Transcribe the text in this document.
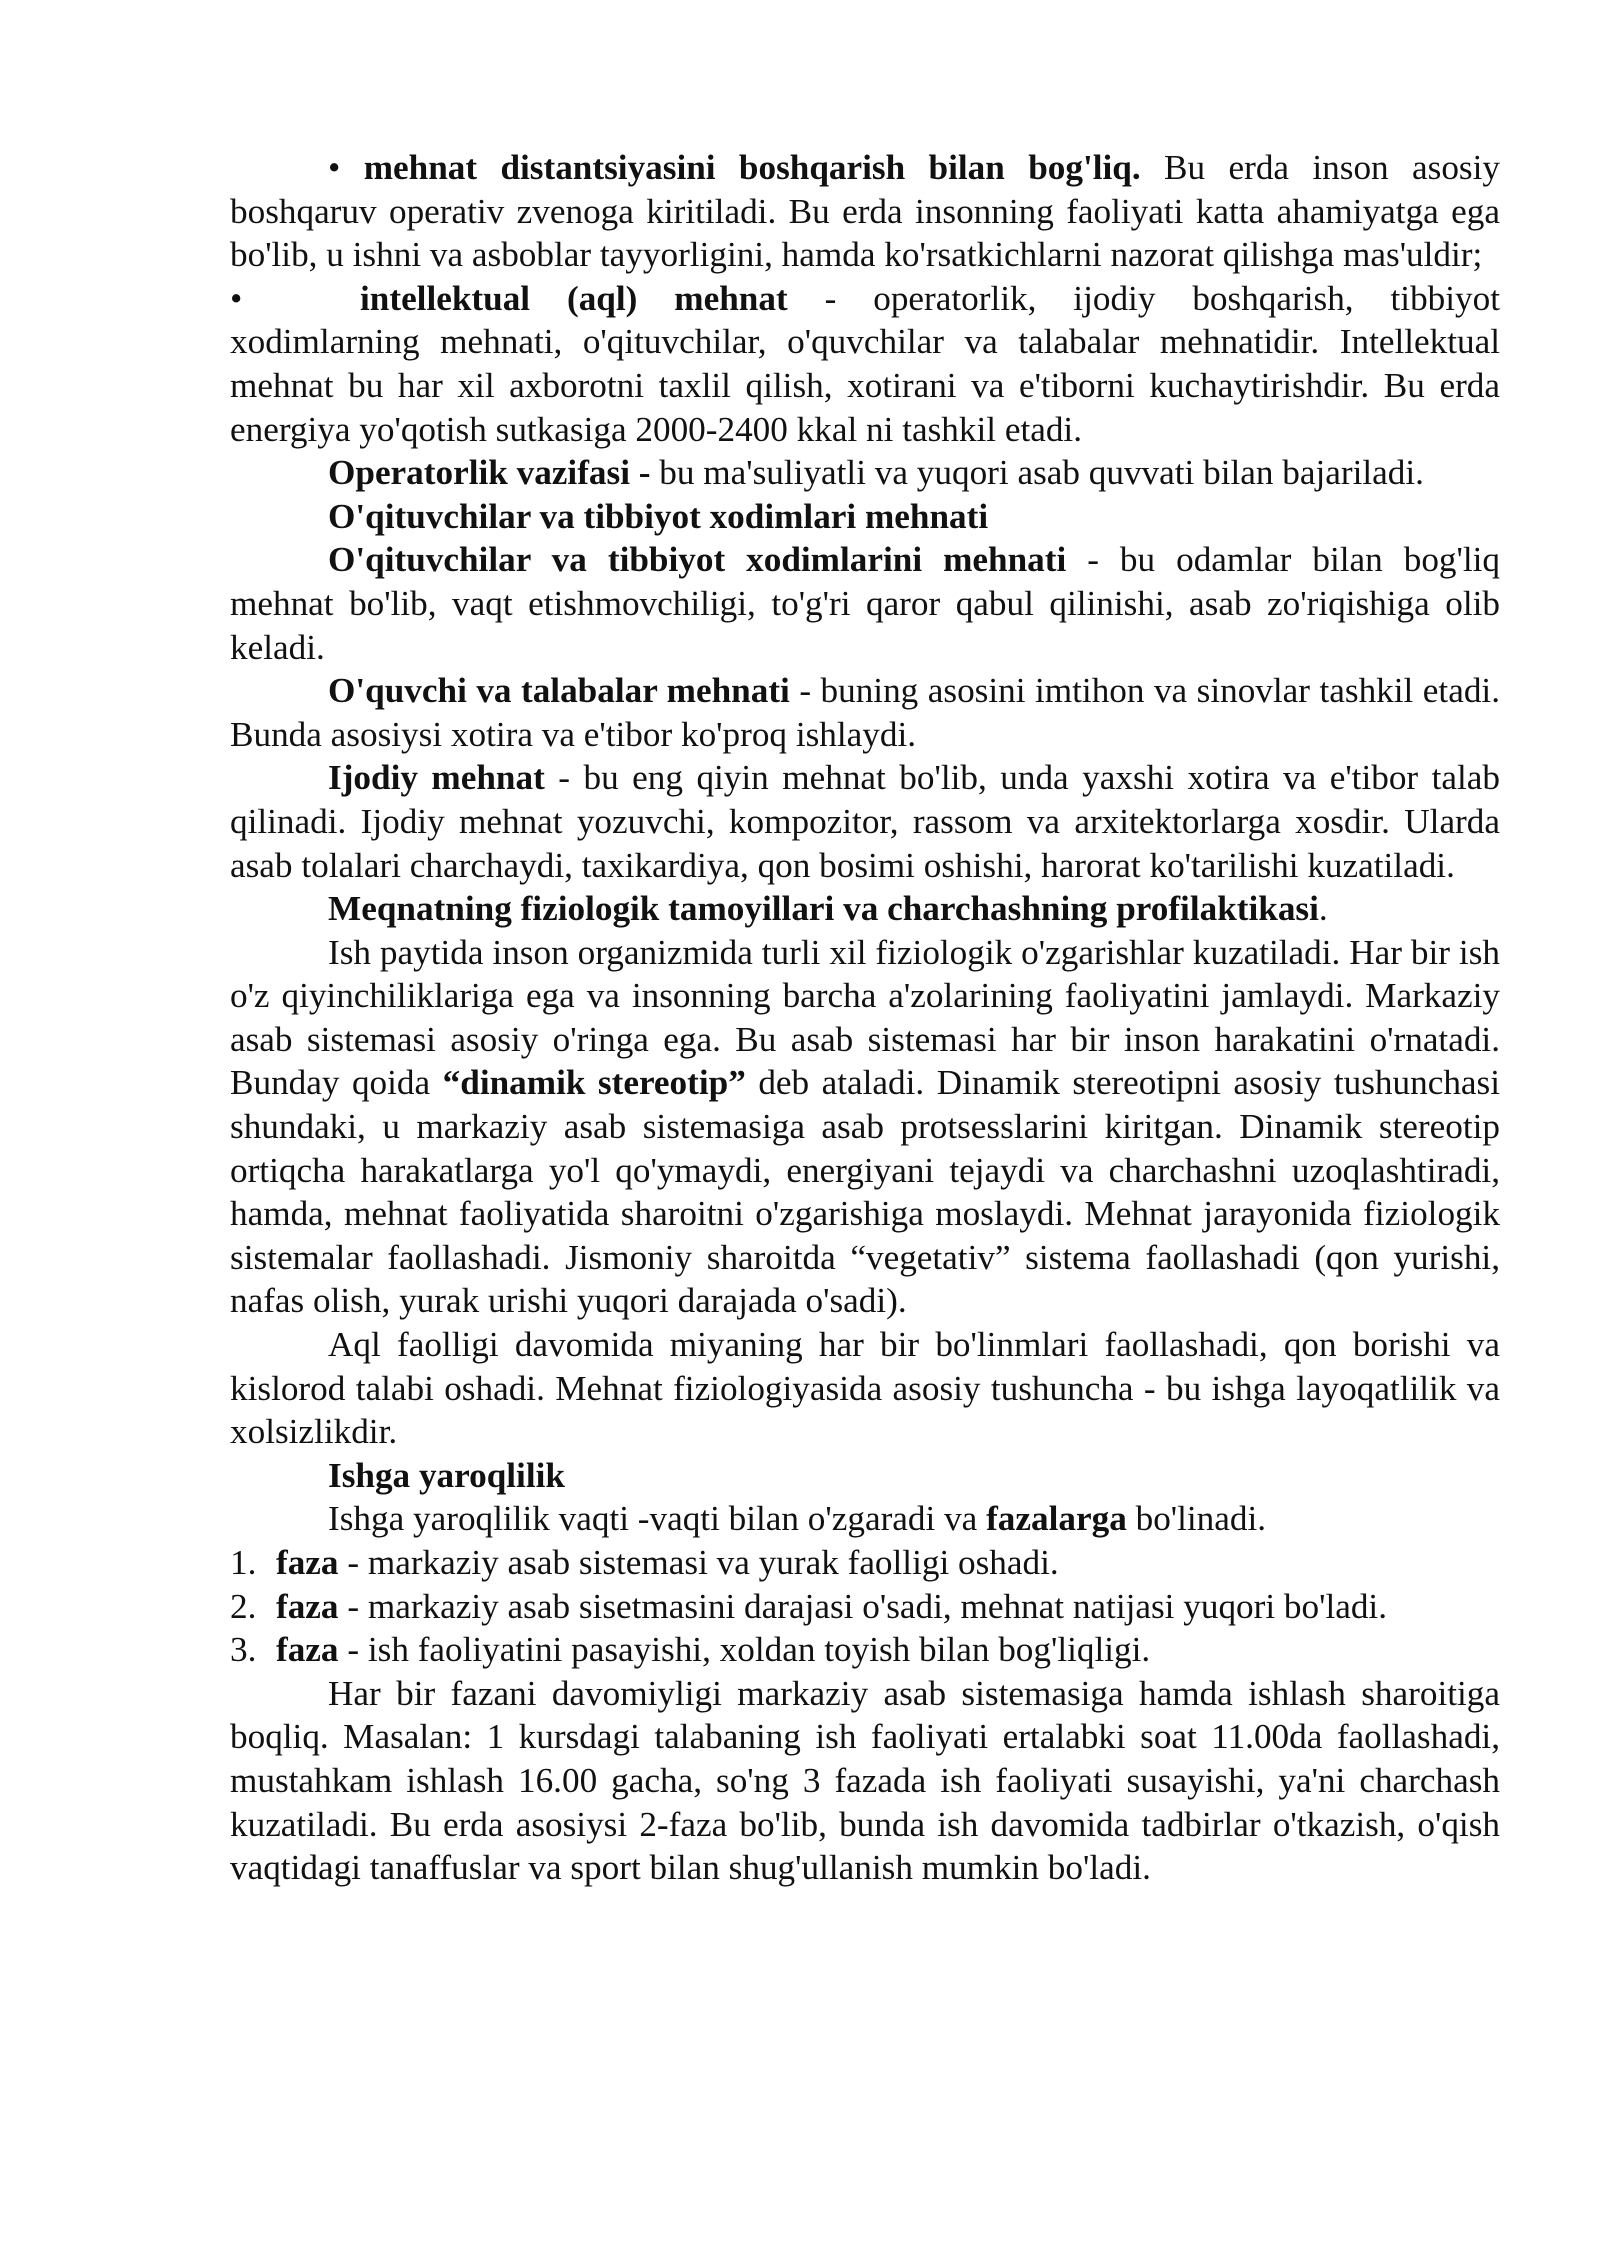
• mehnat distantsiyasini boshqarish bilan bog'liq. Bu erda inson asosiy boshqaruv operativ zvenoga kiritiladi. Bu erda insonning faoliyati katta ahamiyatga ega bo'lib, u ishni va asboblar tayyorligini, hamda ko'rsatkichlarni nazorat qilishga mas'uldir;

•	intellektual (aql) mehnat - operatorlik, ijodiy boshqarish, tibbiyot xodimlarning mehnati, o'qituvchilar, o'quvchilar va talabalar mehnatidir. Intellektual mehnat bu har xil axborotni taxlil qilish, xotirani va e'tiborni kuchaytirishdir. Bu erda energiya yo'qotish sutkasiga 2000-2400 kkal ni tashkil etadi.

Operatorlik vazifasi - bu ma'suliyatli va yuqori asab quvvati bilan bajariladi.

O'qituvchilar va tibbiyot xodimlari mehnati

O'qituvchilar va tibbiyot xodimlarini mehnati - bu odamlar bilan bog'liq mehnat bo'lib, vaqt etishmovchiligi, to'g'ri qaror qabul qilinishi, asab zo'riqishiga olib keladi.

O'quvchi va talabalar mehnati - buning asosini imtihon va sinovlar tashkil etadi. Bunda asosiysi xotira va e'tibor ko'proq ishlaydi.

Ijodiy mehnat - bu eng qiyin mehnat bo'lib, unda yaxshi xotira va e'tibor talab qilinadi. Ijodiy mehnat yozuvchi, kompozitor, rassom va arxitektorlarga xosdir. Ularda asab tolalari charchaydi, taxikardiya, qon bosimi oshishi, harorat ko'tarilishi kuzatiladi.

Meqnatning fiziologik tamoyillari va charchashning profilaktikasi.

Ish paytida inson organizmida turli xil fiziologik o'zgarishlar kuzatiladi. Har bir ish o'z qiyinchiliklariga ega va insonning barcha a'zolarining faoliyatini jamlaydi. Markaziy asab sistemasi asosiy o'ringa ega. Bu asab sistemasi har bir inson harakatini o'rnatadi. Bunday qoida “dinamik stereotip” deb ataladi. Dinamik stereotipni asosiy tushunchasi shundaki, u markaziy asab sistemasiga asab protsesslarini kiritgan. Dinamik stereotip ortiqcha harakatlarga yo'l qo'ymaydi, energiyani tejaydi va charchashni uzoqlashtiradi, hamda, mehnat faoliyatida sharoitni o'zgarishiga moslaydi. Mehnat jarayonida fiziologik sistemalar faollashadi. Jismoniy sharoitda “vegetativ” sistema faollashadi (qon yurishi, nafas olish, yurak urishi yuqori darajada o'sadi).

Aql faolligi davomida miyaning har bir bo'linmlari faollashadi, qon borishi va kislorod talabi oshadi. Mehnat fiziologiyasida asosiy tushuncha - bu ishga layoqatlilik va xolsizlikdir.

Ishga yaroqlilik

Ishga yaroqlilik vaqti -vaqti bilan o'zgaradi va fazalarga bo'linadi.

1. faza - markaziy asab sistemasi va yurak faolligi oshadi.

2. faza - markaziy asab sisetmasini darajasi o'sadi, mehnat natijasi yuqori bo'ladi.

3. faza - ish faoliyatini pasayishi, xoldan toyish bilan bog'liqligi.

Har bir fazani davomiyligi markaziy asab sistemasiga hamda ishlash sharoitiga boqliq. Masalan: 1 kursdagi talabaning ish faoliyati ertalabki soat 11.00da faollashadi, mustahkam ishlash 16.00 gacha, so'ng 3 fazada ish faoliyati susayishi, ya'ni charchash kuzatiladi. Bu erda asosiysi 2-faza bo'lib, bunda ish davomida tadbirlar o'tkazish, o'qish vaqtidagi tanaffuslar va sport bilan shug'ullanish mumkin bo'ladi.
